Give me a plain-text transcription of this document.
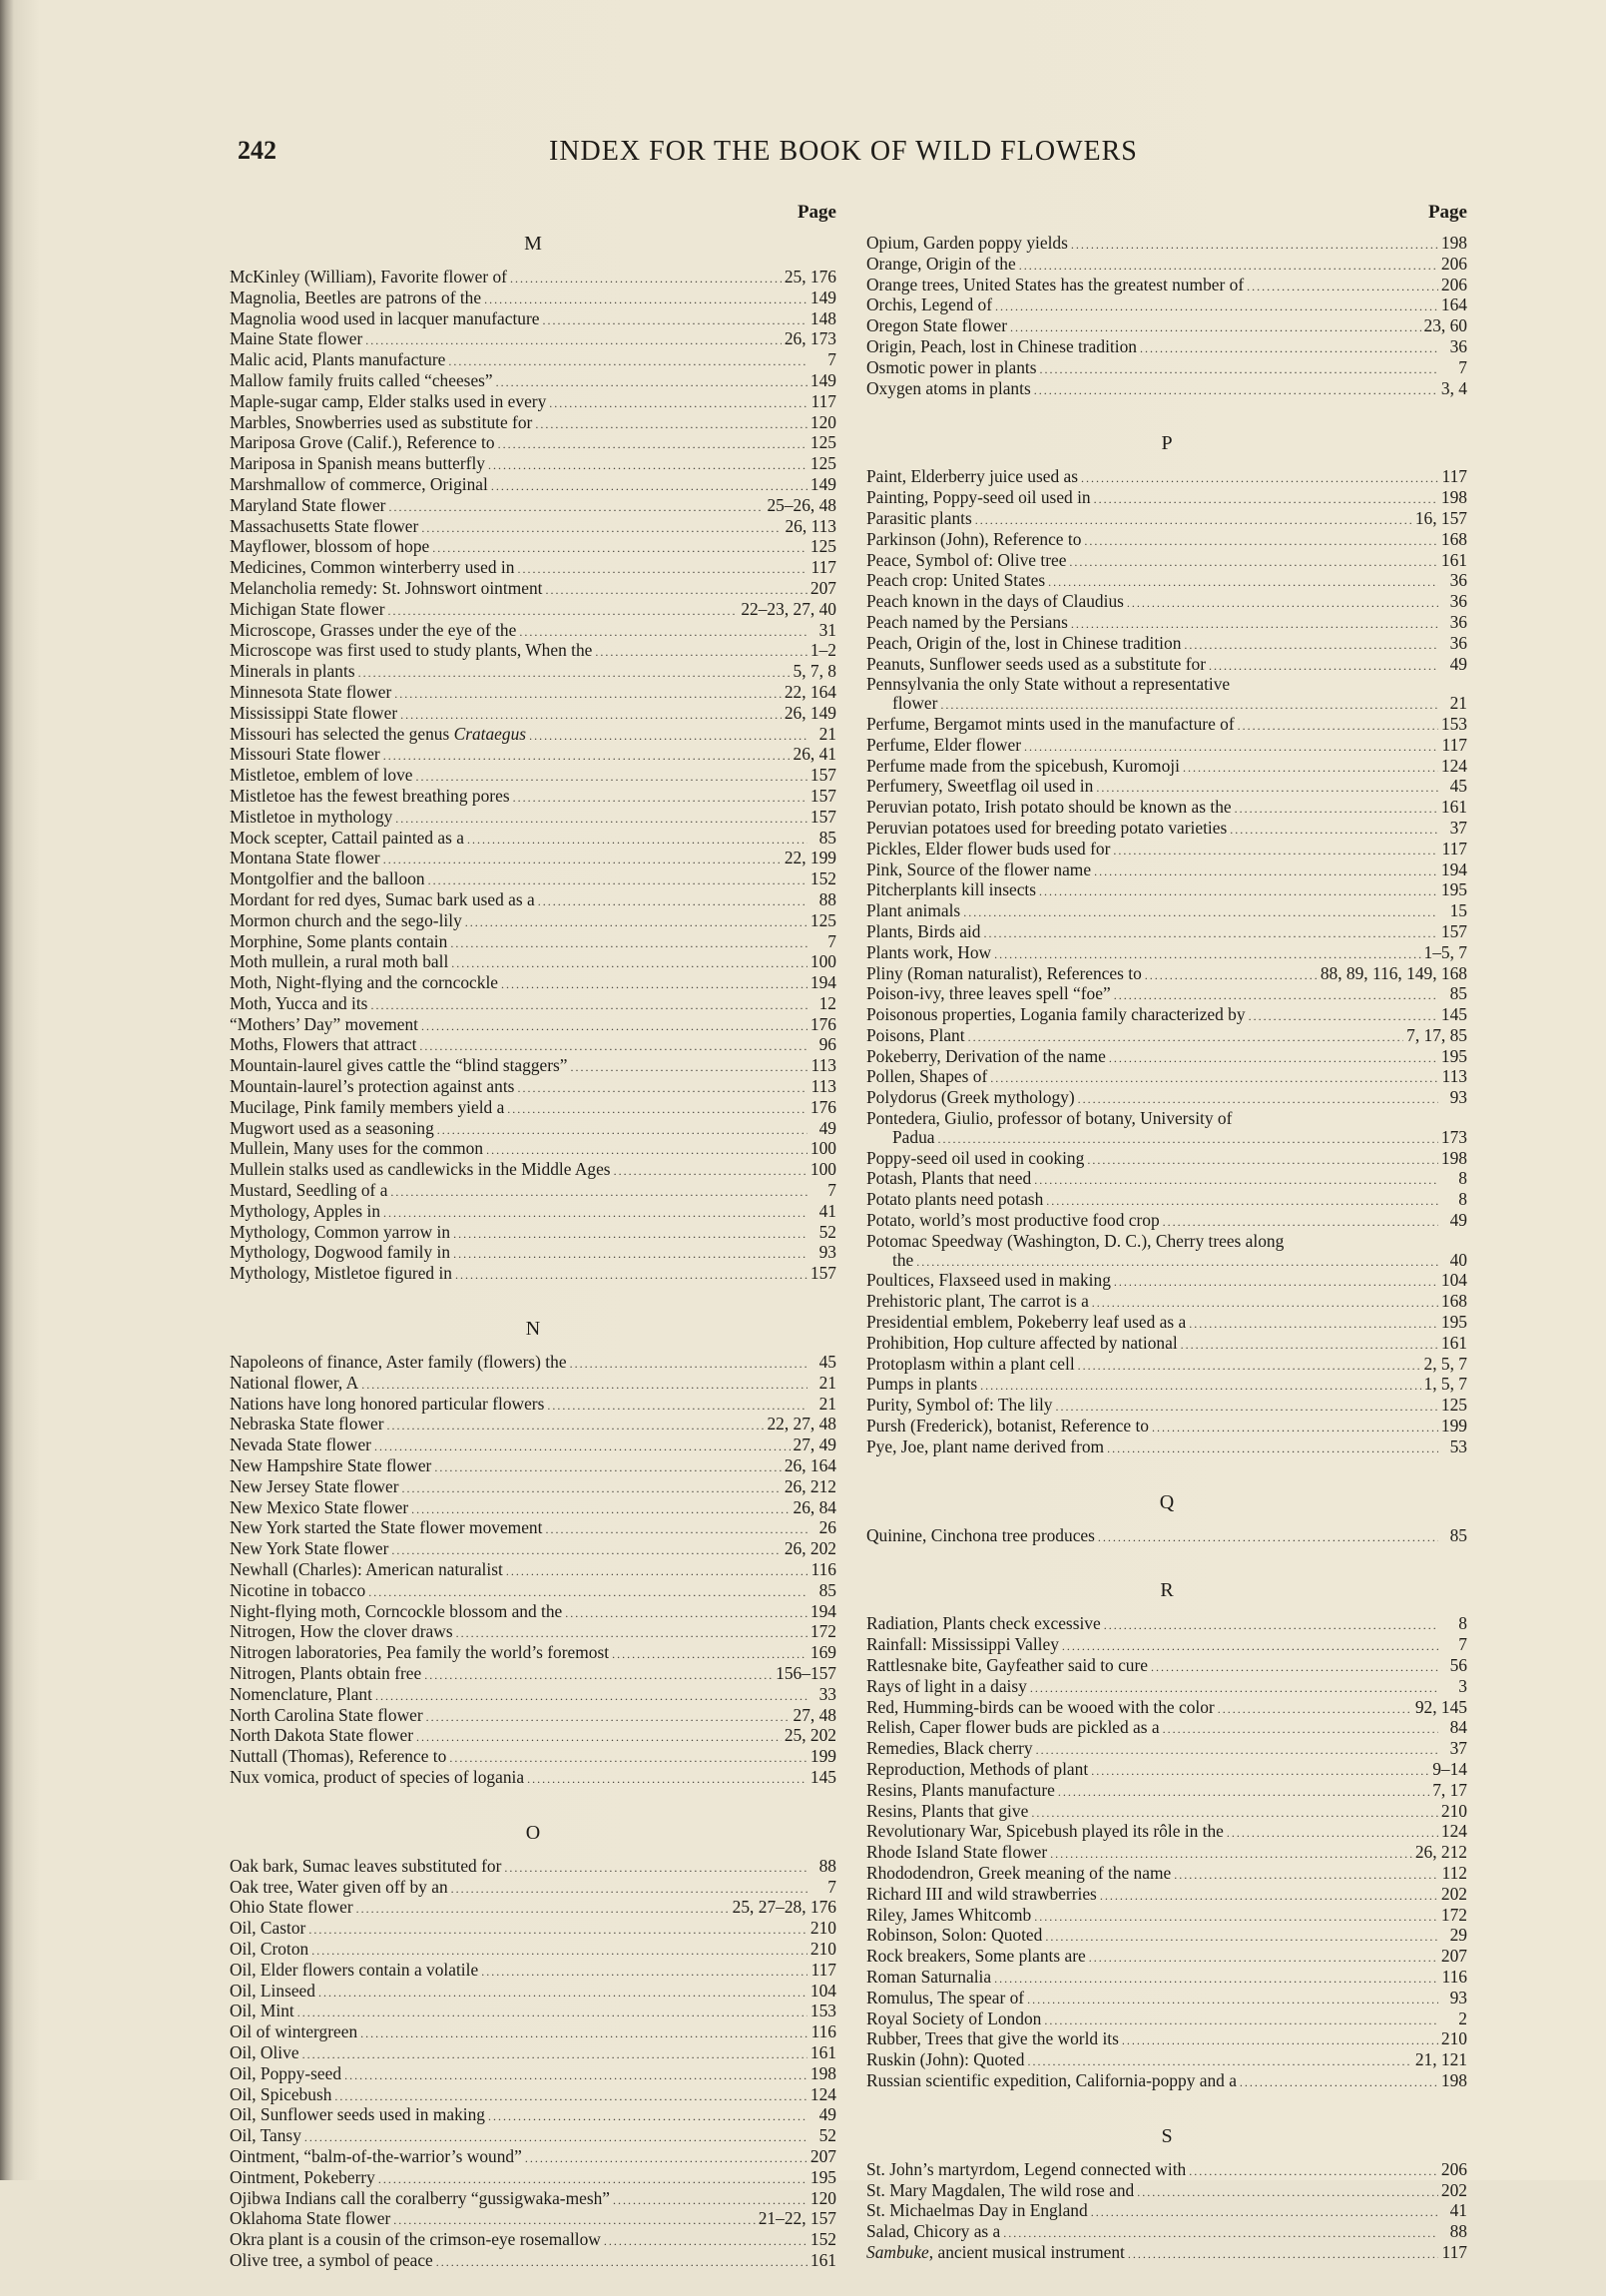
242	INDEX FOR THE BOOK OF WILD FLOWERS
Page
M
McKinley (William), Favorite flower of .....	25, 176
Magnolia, Beetles are patrons of the .....	149
Magnolia wood used in lacquer manufacture .....	148
Maine State flower .....	26, 173
Malic acid, Plants manufacture .....	7
Mallow family fruits called “cheeses” .....	149
Maple-sugar camp, Elder stalks used in every .....	117
Marbles, Snowberries used as substitute for .....	120
Mariposa Grove (Calif.), Reference to .....	125
Mariposa in Spanish means butterfly .....	125
Marshmallow of commerce, Original .....	149
Maryland State flower .....	25–26, 48
Massachusetts State flower .....	26, 113
Mayflower, blossom of hope .....	125
Medicines, Common winterberry used in .....	117
Melancholia remedy: St. Johnswort ointment .....	207
Michigan State flower .....	22–23, 27, 40
Microscope, Grasses under the eye of the .....	31
Microscope was first used to study plants, When the .....	1–2
Minerals in plants .....	5, 7, 8
Minnesota State flower .....	22, 164
Mississippi State flower .....	26, 149
Missouri has selected the genus Crataegus .....	21
Missouri State flower .....	26, 41
Mistletoe, emblem of love .....	157
Mistletoe has the fewest breathing pores .....	157
Mistletoe in mythology .....	157
Mock scepter, Cattail painted as a .....	85
Montana State flower .....	22, 199
Montgolfier and the balloon .....	152
Mordant for red dyes, Sumac bark used as a .....	88
Mormon church and the sego-lily .....	125
Morphine, Some plants contain .....	7
Moth mullein, a rural moth ball .....	100
Moth, Night-flying and the corncockle .....	194
Moth, Yucca and its .....	12
“Mothers’ Day” movement .....	176
Moths, Flowers that attract .....	96
Mountain-laurel gives cattle the “blind staggers” .....	113
Mountain-laurel’s protection against ants .....	113
Mucilage, Pink family members yield a .....	176
Mugwort used as a seasoning .....	49
Mullein, Many uses for the common .....	100
Mullein stalks used as candlewicks in the Middle Ages .....	100
Mustard, Seedling of a .....	7
Mythology, Apples in .....	41
Mythology, Common yarrow in .....	52
Mythology, Dogwood family in .....	93
Mythology, Mistletoe figured in .....	157
N
Napoleons of finance, Aster family (flowers) the .....	45
National flower, A .....	21
Nations have long honored particular flowers .....	21
Nebraska State flower .....	22, 27, 48
Nevada State flower .....	27, 49
New Hampshire State flower .....	26, 164
New Jersey State flower .....	26, 212
New Mexico State flower .....	26, 84
New York started the State flower movement .....	26
New York State flower .....	26, 202
Newhall (Charles): American naturalist .....	116
Nicotine in tobacco .....	85
Night-flying moth, Corncockle blossom and the .....	194
Nitrogen, How the clover draws .....	172
Nitrogen laboratories, Pea family the world’s foremost .....	169
Nitrogen, Plants obtain free .....	156–157
Nomenclature, Plant .....	33
North Carolina State flower .....	27, 48
North Dakota State flower .....	25, 202
Nuttall (Thomas), Reference to .....	199
Nux vomica, product of species of logania .....	145
O
Oak bark, Sumac leaves substituted for .....	88
Oak tree, Water given off by an .....	7
Ohio State flower .....	25, 27–28, 176
Oil, Castor .....	210
Oil, Croton .....	210
Oil, Elder flowers contain a volatile .....	117
Oil, Linseed .....	104
Oil, Mint .....	153
Oil of wintergreen .....	116
Oil, Olive .....	161
Oil, Poppy-seed .....	198
Oil, Spicebush .....	124
Oil, Sunflower seeds used in making .....	49
Oil, Tansy .....	52
Ointment, “balm-of-the-warrior’s wound” .....	207
Ointment, Pokeberry .....	195
Ojibwa Indians call the coralberry “gussigwaka-mesh” .....	120
Oklahoma State flower .....	21–22, 157
Okra plant is a cousin of the crimson-eye rosemallow .....	152
Olive tree, a symbol of peace .....	161
Page
Opium, Garden poppy yields .....	198
Orange, Origin of the .....	206
Orange trees, United States has the greatest number of .....	206
Orchis, Legend of .....	164
Oregon State flower .....	23, 60
Origin, Peach, lost in Chinese tradition .....	36
Osmotic power in plants .....	7
Oxygen atoms in plants .....	3, 4
P
Paint, Elderberry juice used as .....	117
Painting, Poppy-seed oil used in .....	198
Parasitic plants .....	16, 157
Parkinson (John), Reference to .....	168
Peace, Symbol of: Olive tree .....	161
Peach crop: United States .....	36
Peach known in the days of Claudius .....	36
Peach named by the Persians .....	36
Peach, Origin of the, lost in Chinese tradition .....	36
Peanuts, Sunflower seeds used as a substitute for .....	49
Pennsylvania the only State without a representative
flower .....	21
Perfume, Bergamot mints used in the manufacture of .....	153
Perfume, Elder flower .....	117
Perfume made from the spicebush, Kuromoji .....	124
Perfumery, Sweetflag oil used in .....	45
Peruvian potato, Irish potato should be known as the .....	161
Peruvian potatoes used for breeding potato varieties .....	37
Pickles, Elder flower buds used for .....	117
Pink, Source of the flower name .....	194
Pitcherplants kill insects .....	195
Plant animals .....	15
Plants, Birds aid .....	157
Plants work, How .....	1–5, 7
Pliny (Roman naturalist), References to .....	88, 89, 116, 149, 168
Poison-ivy, three leaves spell “foe” .....	85
Poisonous properties, Logania family characterized by .....	145
Poisons, Plant .....	7, 17, 85
Pokeberry, Derivation of the name .....	195
Pollen, Shapes of .....	113
Polydorus (Greek mythology) .....	93
Pontedera, Giulio, professor of botany, University of
Padua .....	173
Poppy-seed oil used in cooking .....	198
Potash, Plants that need .....	8
Potato plants need potash .....	8
Potato, world’s most productive food crop .....	49
Potomac Speedway (Washington, D. C.), Cherry trees along
the .....	40
Poultices, Flaxseed used in making .....	104
Prehistoric plant, The carrot is a .....	168
Presidential emblem, Pokeberry leaf used as a .....	195
Prohibition, Hop culture affected by national .....	161
Protoplasm within a plant cell .....	2, 5, 7
Pumps in plants .....	1, 5, 7
Purity, Symbol of: The lily .....	125
Pursh (Frederick), botanist, Reference to .....	199
Pye, Joe, plant name derived from .....	53
Q
Quinine, Cinchona tree produces .....	85
R
Radiation, Plants check excessive .....	8
Rainfall: Mississippi Valley .....	7
Rattlesnake bite, Gayfeather said to cure .....	56
Rays of light in a daisy .....	3
Red, Humming-birds can be wooed with the color .....	92, 145
Relish, Caper flower buds are pickled as a .....	84
Remedies, Black cherry .....	37
Reproduction, Methods of plant .....	9–14
Resins, Plants manufacture .....	7, 17
Resins, Plants that give .....	210
Revolutionary War, Spicebush played its rôle in the .....	124
Rhode Island State flower .....	26, 212
Rhododendron, Greek meaning of the name .....	112
Richard III and wild strawberries .....	202
Riley, James Whitcomb .....	172
Robinson, Solon: Quoted .....	29
Rock breakers, Some plants are .....	207
Roman Saturnalia .....	116
Romulus, The spear of .....	93
Royal Society of London .....	2
Rubber, Trees that give the world its .....	210
Ruskin (John): Quoted .....	21, 121
Russian scientific expedition, California-poppy and a .....	198
S
St. John’s martyrdom, Legend connected with .....	206
St. Mary Magdalen, The wild rose and .....	202
St. Michaelmas Day in England .....	41
Salad, Chicory as a .....	88
Sambuke, ancient musical instrument .....	117
